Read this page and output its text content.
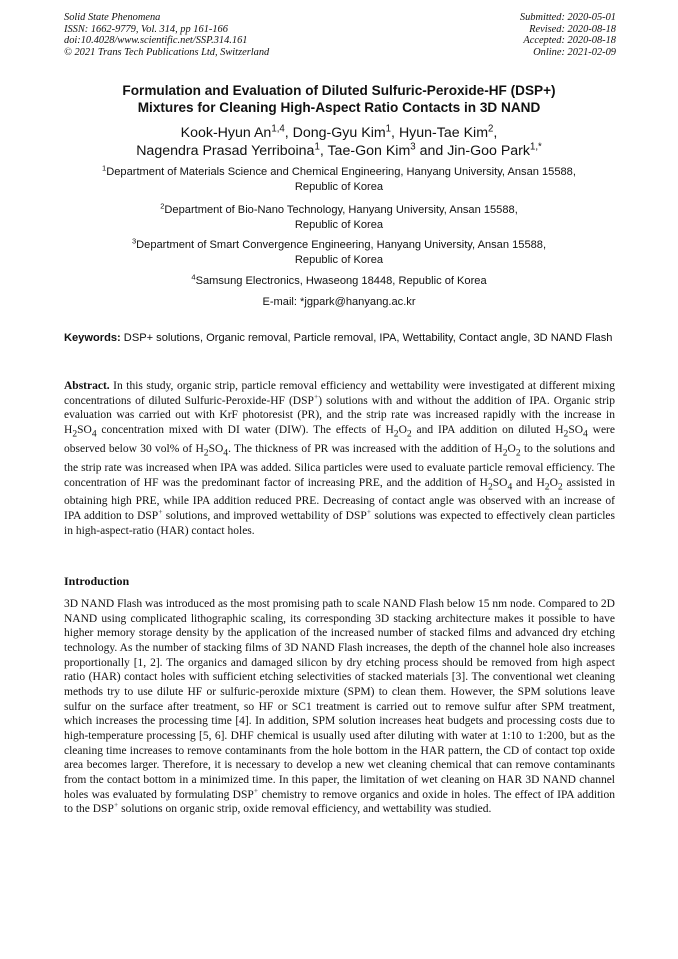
Solid State Phenomena
ISSN: 1662-9779, Vol. 314, pp 161-166
doi:10.4028/www.scientific.net/SSP.314.161
© 2021 Trans Tech Publications Ltd, Switzerland
Submitted: 2020-05-01
Revised: 2020-08-18
Accepted: 2020-08-18
Online: 2021-02-09
Formulation and Evaluation of Diluted Sulfuric-Peroxide-HF (DSP+)
Mixtures for Cleaning High-Aspect Ratio Contacts in 3D NAND
Kook-Hyun An$^{1,4}$, Dong-Gyu Kim$^1$, Hyun-Tae Kim$^2$,
Nagendra Prasad Yerriboina$^1$, Tae-Gon Kim$^3$ and Jin-Goo Park$^{1,*}$
$^1$Department of Materials Science and Chemical Engineering, Hanyang University, Ansan 15588,
Republic of Korea
$^2$Department of Bio-Nano Technology, Hanyang University, Ansan 15588,
Republic of Korea
$^3$Department of Smart Convergence Engineering, Hanyang University, Ansan 15588,
Republic of Korea
$^4$Samsung Electronics, Hwaseong 18448, Republic of Korea
E-mail: *jgpark@hanyang.ac.kr
Keywords: DSP+ solutions, Organic removal, Particle removal, IPA, Wettability, Contact angle, 3D NAND Flash
Abstract. In this study, organic strip, particle removal efficiency and wettability were investigated at different mixing concentrations of diluted Sulfuric-Peroxide-HF (DSP+) solutions with and without the addition of IPA. Organic strip evaluation was carried out with KrF photoresist (PR), and the strip rate was increased rapidly with the increase in $H_2SO_4$ concentration mixed with DI water (DIW). The effects of $H_2O_2$ and IPA addition on diluted $H_2SO_4$ were observed below 30 vol% of $H_2SO_4$. The thickness of PR was increased with the addition of $H_2O_2$ to the solutions and the strip rate was increased when IPA was added. Silica particles were used to evaluate particle removal efficiency. The concentration of HF was the predominant factor of increasing PRE, and the addition of $H_2SO_4$ and $H_2O_2$ assisted in obtaining high PRE, while IPA addition reduced PRE. Decreasing of contact angle was observed with an increase of IPA addition to DSP+ solutions, and improved wettability of DSP+ solutions was expected to effectively clean particles in high-aspect-ratio (HAR) contact holes.
Introduction
3D NAND Flash was introduced as the most promising path to scale NAND Flash below 15 nm node. Compared to 2D NAND using complicated lithographic scaling, its corresponding 3D stacking architecture makes it possible to have higher memory storage density by the application of the increased number of stacked films and advanced dry etching technology. As the number of stacking films of 3D NAND Flash increases, the depth of the channel hole also increases proportionally [1, 2]. The organics and damaged silicon by dry etching process should be removed from high aspect ratio (HAR) contact holes with sufficient etching selectivities of stacked materials [3]. The conventional wet cleaning methods try to use dilute HF or sulfuric-peroxide mixture (SPM) to clean them. However, the SPM solutions leave sulfur on the surface after treatment, so HF or SC1 treatment is carried out to remove sulfur after SPM treatment, which increases the processing time [4]. In addition, SPM solution increases heat budgets and processing costs due to high-temperature processing [5, 6]. DHF chemical is usually used after diluting with water at 1:10 to 1:200, but as the cleaning time increases to remove contaminants from the hole bottom in the HAR pattern, the CD of contact top oxide area becomes larger. Therefore, it is necessary to develop a new wet cleaning chemical that can remove contaminants from the contact bottom in a minimized time. In this paper, the limitation of wet cleaning on HAR 3D NAND channel holes was evaluated by formulating DSP+ chemistry to remove organics and oxide in holes. The effect of IPA addition to the DSP+ solutions on organic strip, oxide removal efficiency, and wettability was studied.
